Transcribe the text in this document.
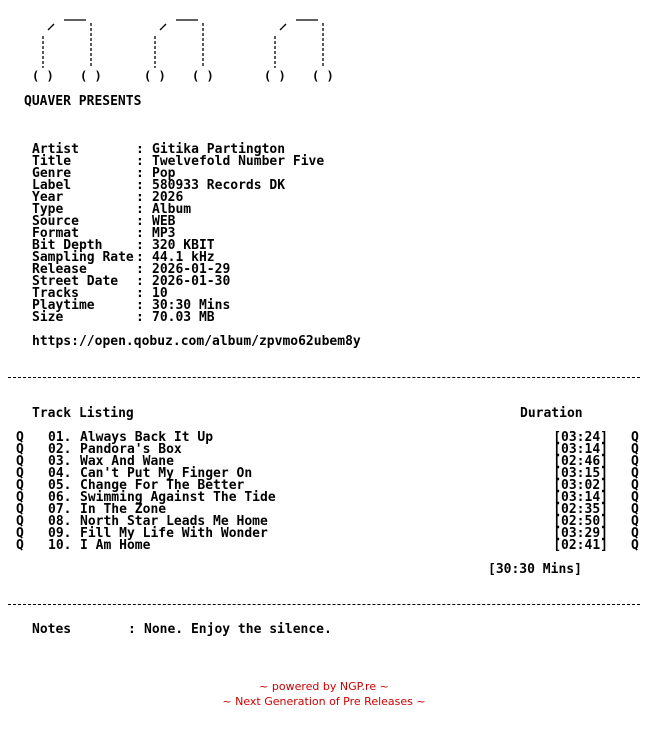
( ) ( )	( ) ( )	( ) ( )
QUAVER PRESENTS
Artist	: Gitika Partington
Title	: Twelvefold Number Five
Genre	: Pop
Label	: 580933 Records DK
Year	: 2026
Type	: Album
Source	: WEB
Format	: MP3
Bit Depth	: 320 KBIT
Sampling Rate : 44.1 kHz
Release	: 2026-01-29
Street Date : 2026-01-30
Tracks	: 10
Playtime	: 30:30 Mins
Size	: 70.03 MB
https://open.qobuz.com/album/zpvmo62ubem8y
Track Listing	Duration
Q 01. Always Back It Up	[03:24] Q
Q 02. Pandora's Box	[03:14] Q
Q 03. Wax And Wane	[02:46] Q
Q 04. Can't Put My Finger On	[03:15] Q
Q 05. Change For The Better	[03:02] Q
Q 06. Swimming Against The Tide	[03:14] Q
Q 07. In The Zone	[02:35] Q
Q 08. North Star Leads Me Home	[02:50] Q
Q 09. Fill My Life With Wonder	[03:29] Q
Q 10. I Am Home	[02:41] Q
[30:30 Mins]
Notes	: None. Enjoy the silence.
~ powered by NGP.re ~
~ Next Generation of Pre Releases ~
